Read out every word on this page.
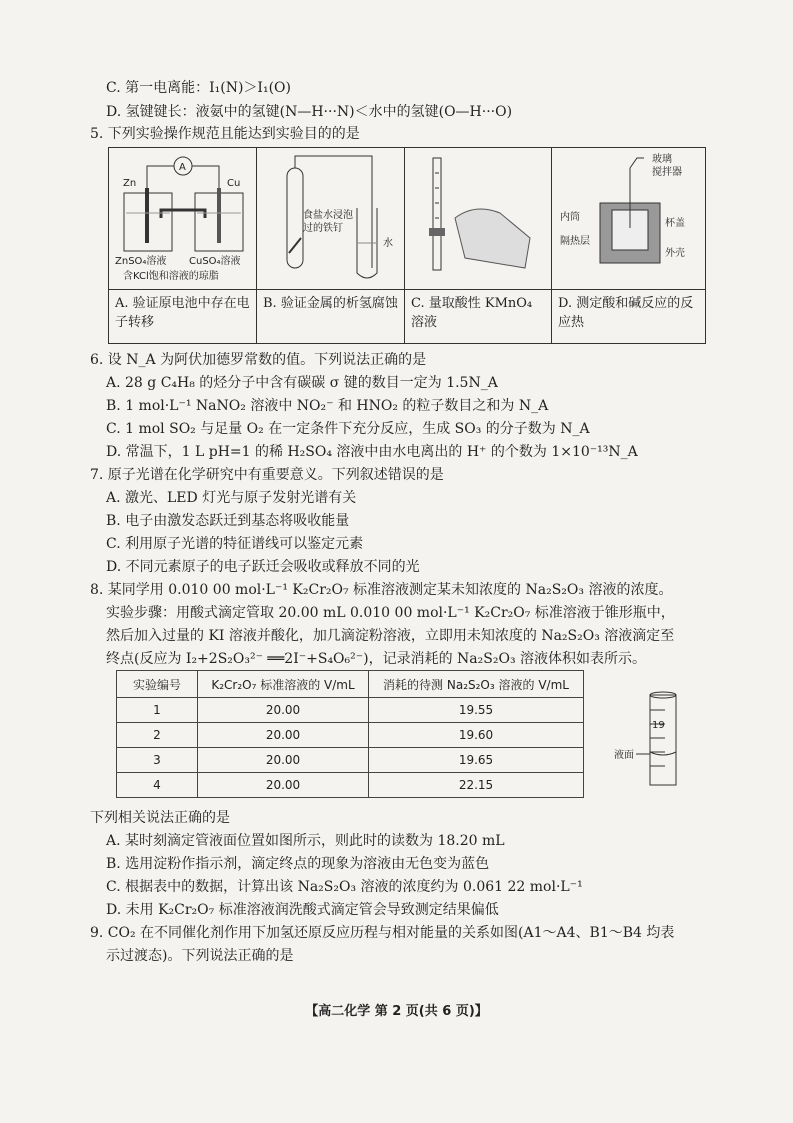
C. 第一电离能：I₁(N)＞I₁(O)
D. 氢键键长：液氨中的氢键(N—H···N)＜水中的氢键(O—H···O)
5. 下列实验操作规范且能达到实验目的的是
A
Zn	Cu
ZnSO₄溶液 CuSO₄溶液
含KCl饱和溶液的琼脂
A. 验证原电池中存在电子转移
食盐水浸泡过的铁钉
水
B. 验证金属的析氢腐蚀	C. 量取酸性 KMnO₄ 溶液
玻璃搅拌器
内筒
杯盖
隔热层
外壳
D. 测定酸和碱反应的反应热
6. 设 N_A 为阿伏加德罗常数的值。下列说法正确的是
A. 28 g C₄H₈ 的烃分子中含有碳碳 σ 键的数目一定为 1.5N_A
B. 1 mol·L⁻¹ NaNO₂ 溶液中 NO₂⁻ 和 HNO₂ 的粒子数目之和为 N_A
C. 1 mol SO₂ 与足量 O₂ 在一定条件下充分反应，生成 SO₃ 的分子数为 N_A
D. 常温下，1 L pH=1 的稀 H₂SO₄ 溶液中由水电离出的 H⁺ 的个数为 1×10⁻¹³N_A
7. 原子光谱在化学研究中有重要意义。下列叙述错误的是
A. 激光、LED 灯光与原子发射光谱有关
B. 电子由激发态跃迁到基态将吸收能量
C. 利用原子光谱的特征谱线可以鉴定元素
D. 不同元素原子的电子跃迁会吸收或释放不同的光
8. 某同学用 0.010 00 mol·L⁻¹ K₂Cr₂O₇ 标准溶液测定某未知浓度的 Na₂S₂O₃ 溶液的浓度。
实验步骤：用酸式滴定管取 20.00 mL 0.010 00 mol·L⁻¹ K₂Cr₂O₇ 标准溶液于锥形瓶中，
然后加入过量的 KI 溶液并酸化，加几滴淀粉溶液，立即用未知浓度的 Na₂S₂O₃ 溶液滴定至
终点(反应为 I₂+2S₂O₃²⁻ ══2I⁻+S₄O₆²⁻)，记录消耗的 Na₂S₂O₃ 溶液体积如表所示。
实验编号	K₂Cr₂O₇ 标准溶液的 V/mL	消耗的待测 Na₂S₂O₃ 溶液的 V/mL
1	20.00	19.55
2	20.00	19.60
3	20.00	19.65
4	20.00	22.15
19
液面
下列相关说法正确的是
A. 某时刻滴定管液面位置如图所示，则此时的读数为 18.20 mL
B. 选用淀粉作指示剂，滴定终点的现象为溶液由无色变为蓝色
C. 根据表中的数据，计算出该 Na₂S₂O₃ 溶液的浓度约为 0.061 22 mol·L⁻¹
D. 未用 K₂Cr₂O₇ 标准溶液润洗酸式滴定管会导致测定结果偏低
9. CO₂ 在不同催化剂作用下加氢还原反应历程与相对能量的关系如图(A1～A4、B1～B4 均表
示过渡态)。下列说法正确的是
【高二化学 第 2 页(共 6 页)】
